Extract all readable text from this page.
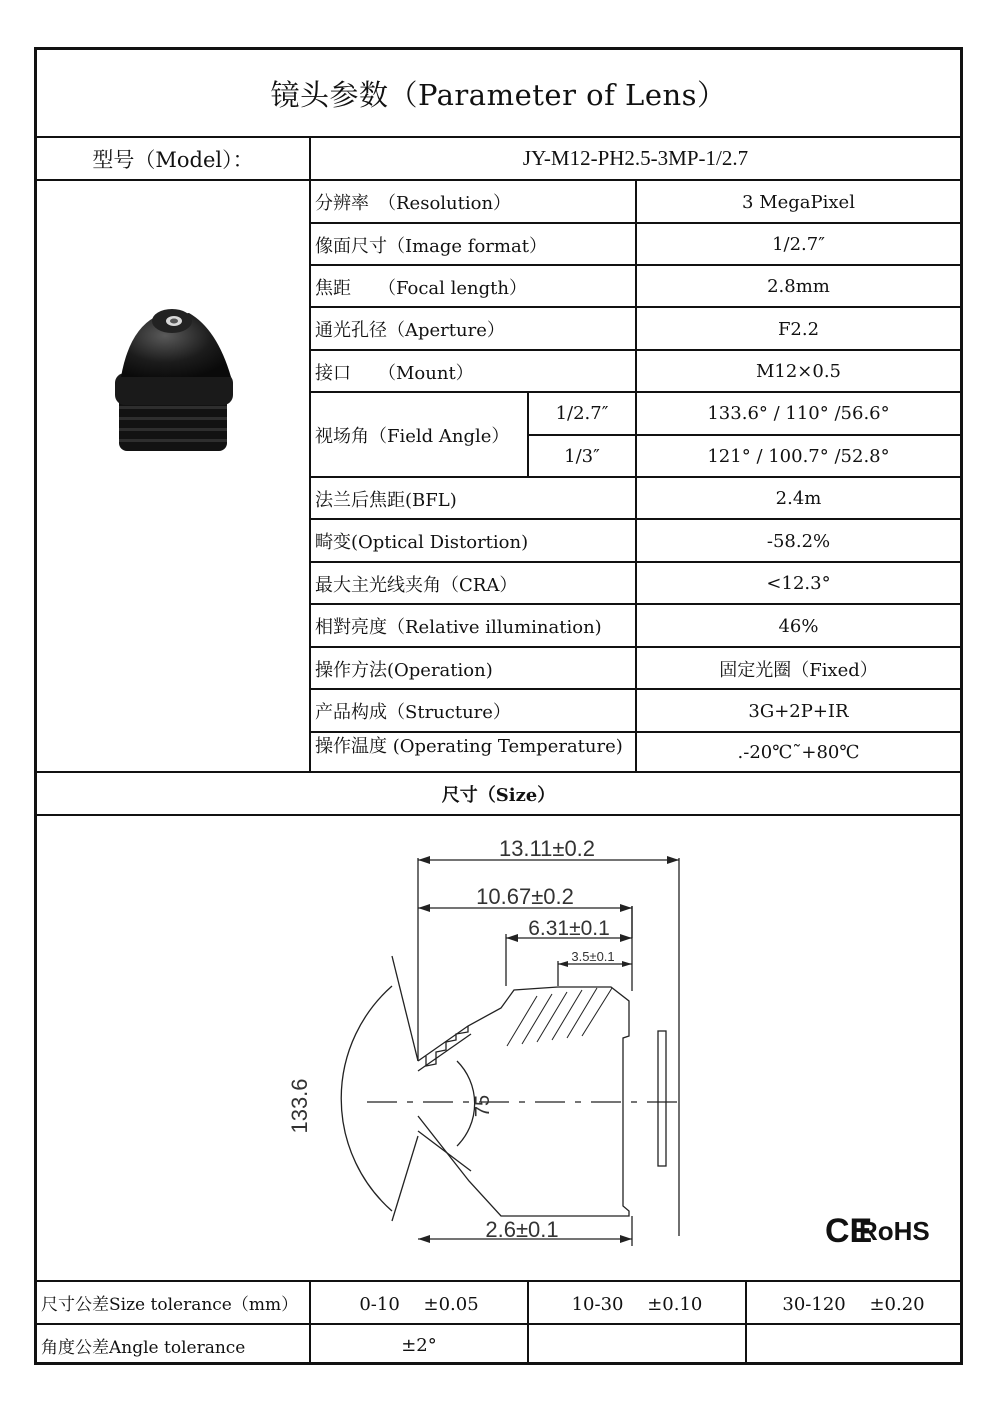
镜头参数（Parameter of Lens）
型号（Model）：	JY-M12-PH2.5-3MP-1/2.7
分辨率　（Resolution）	3 MegaPixel
像面尺寸（Image format）	1/2.7″
焦距　　（Focal length）	2.8mm
通光孔径（Aperture）	F2.2
接口　　（Mount）	M12×0.5
视场角（Field Angle）
1/2.7″	133.6° / 110° /56.6°
1/3″	121° / 100.7° /52.8°
法兰后焦距(BFL)	2.4m
畸变(Optical Distortion)	-58.2%
最大主光线夹角（CRA）	<12.3°
相對亮度（Relative illumination)	46%
操作方法(Operation)	固定光圈（Fixed）
产品构成（Structure）	3G+2P+IR
操作温度 (Operating Temperature)	.-20℃˜+80℃
尺寸（Size）
13.11±0.2
10.67±0.2
6.31±0.1
3.5±0.1
133.6	75
2.6±0.1	CE
RoHS
尺寸公差Size tolerance（mm）	0-10　 ±0.05	10-30　 ±0.10	30-120　 ±0.20
角度公差Angle tolerance	±2°
